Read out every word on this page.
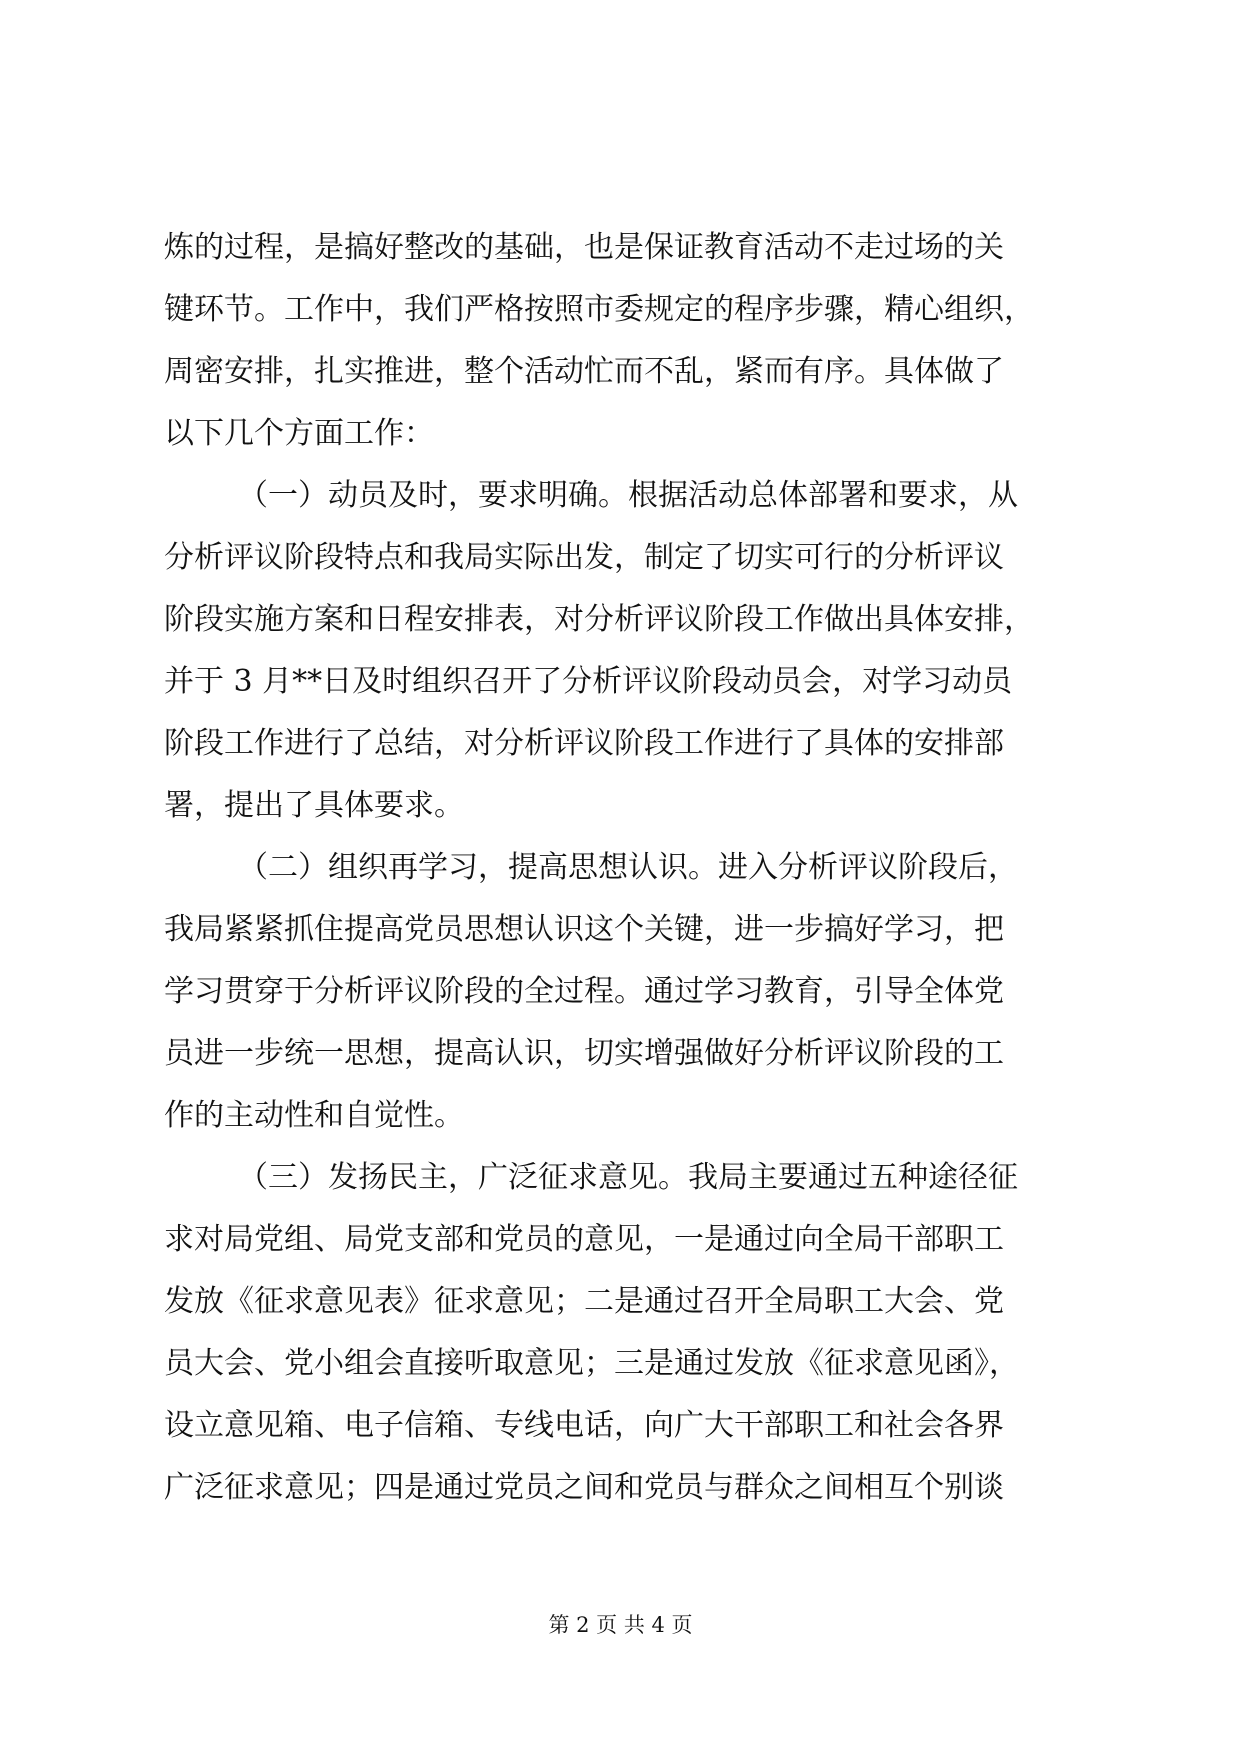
炼的过程，是搞好整改的基础，也是保证教育活动不走过场的关
键环节。工作中，我们严格按照市委规定的程序步骤，精心组织，
周密安排，扎实推进，整个活动忙而不乱，紧而有序。具体做了
以下几个方面工作：
（一）动员及时，要求明确。根据活动总体部署和要求，从
分析评议阶段特点和我局实际出发，制定了切实可行的分析评议
阶段实施方案和日程安排表，对分析评议阶段工作做出具体安排，
并于 3 月**日及时组织召开了分析评议阶段动员会，对学习动员
阶段工作进行了总结，对分析评议阶段工作进行了具体的安排部
署，提出了具体要求。
（二）组织再学习，提高思想认识。进入分析评议阶段后，
我局紧紧抓住提高党员思想认识这个关键，进一步搞好学习，把
学习贯穿于分析评议阶段的全过程。通过学习教育，引导全体党
员进一步统一思想，提高认识，切实增强做好分析评议阶段的工
作的主动性和自觉性。
（三）发扬民主，广泛征求意见。我局主要通过五种途径征
求对局党组、局党支部和党员的意见，一是通过向全局干部职工
发放《征求意见表》征求意见；二是通过召开全局职工大会、党
员大会、党小组会直接听取意见；三是通过发放《征求意见函》，
设立意见箱、电子信箱、专线电话，向广大干部职工和社会各界
广泛征求意见；四是通过党员之间和党员与群众之间相互个别谈
第 2 页 共 4 页
